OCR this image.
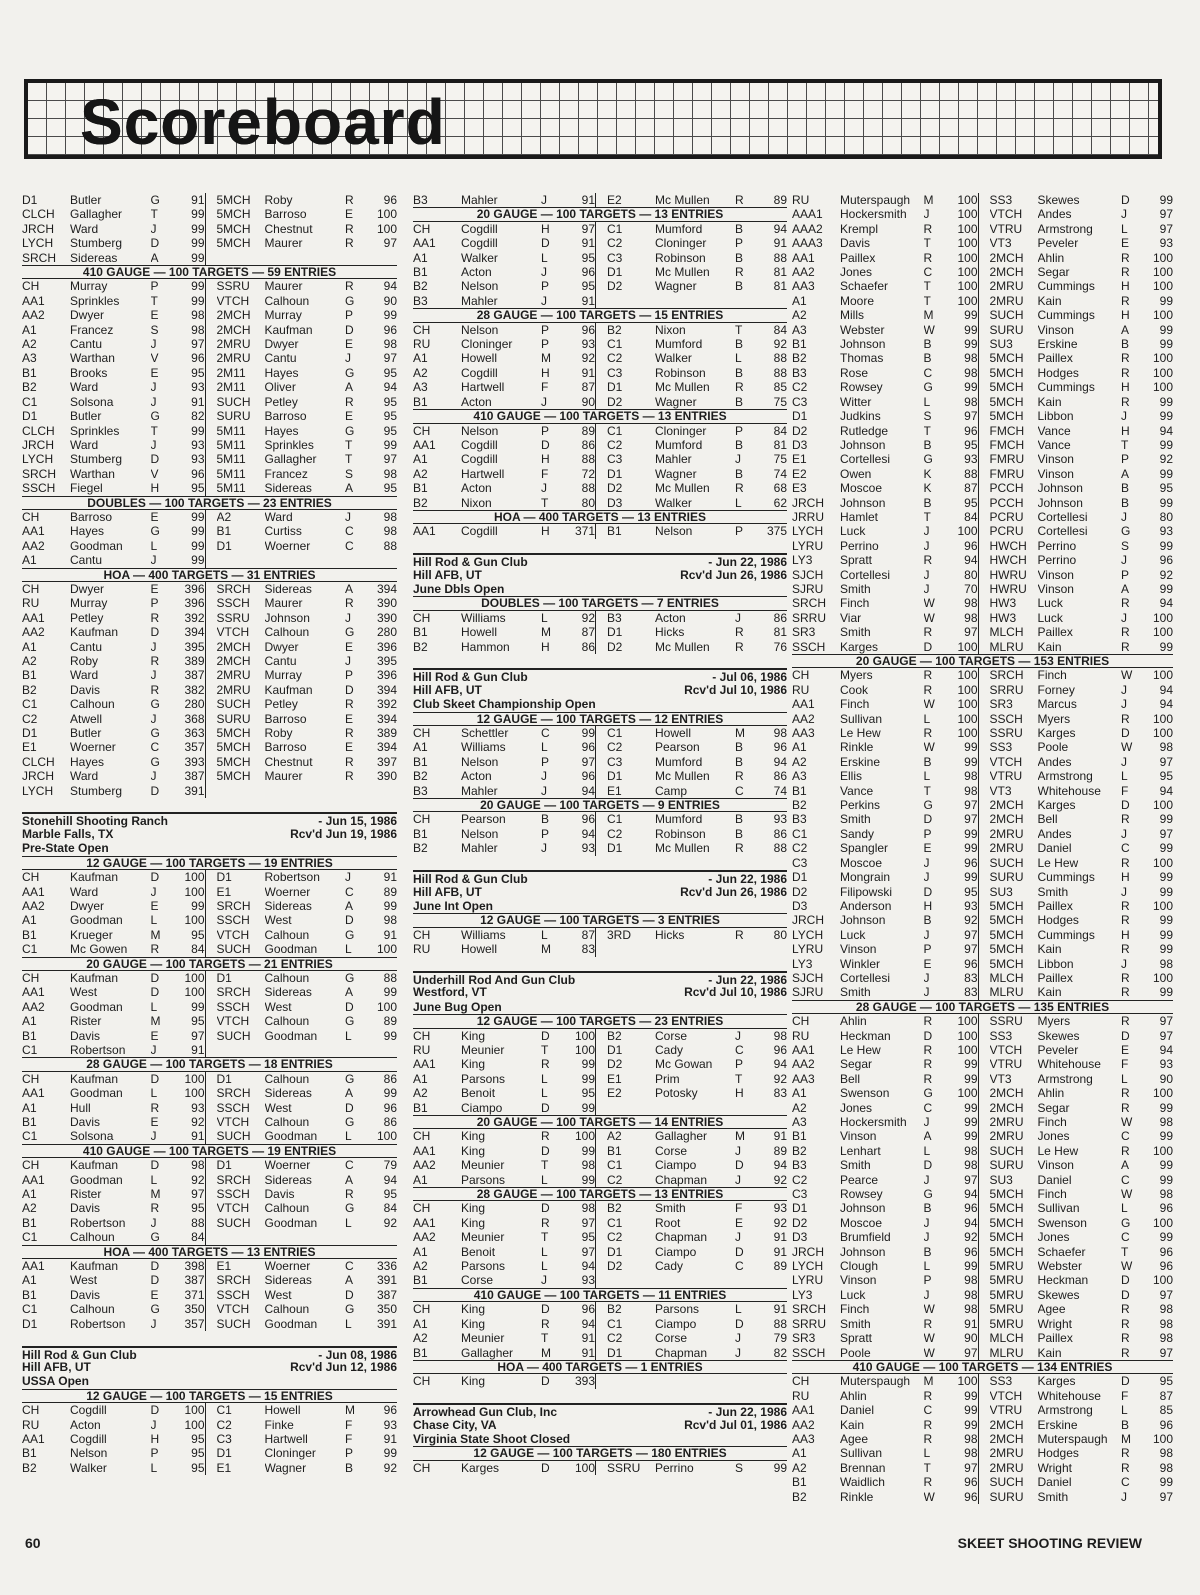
Scoreboard
D1	Butler	G	91 5MCH	Roby	R	96
CLCH	Gallagher	T	99 5MCH	Barroso	E	100
JRCH	Ward	J	99 5MCH	Chestnut	R	100
LYCH	Stumberg	D	99 5MCH	Maurer	R	97
SRCH	Sidereas	A	99
410 GAUGE — 100 TARGETS — 59 ENTRIES
CH	Murray	P	99 SSRU	Maurer	R	94
AA1	Sprinkles	T	99 VTCH	Calhoun	G	90
AA2	Dwyer	E	98 2MCH	Murray	P	99
A1	Francez	S	98 2MCH	Kaufman	D	96
A2	Cantu	J	97 2MRU	Dwyer	E	98
A3	Warthan	V	96 2MRU	Cantu	J	97
B1	Brooks	E	95 2M11	Hayes	G	95
B2	Ward	J	93 2M11	Oliver	A	94
C1	Solsona	J	91 SUCH	Petley	R	95
D1	Butler	G	82 SURU	Barroso	E	95
CLCH	Sprinkles	T	99 5M11	Hayes	G	95
JRCH	Ward	J	93 5M11	Sprinkles	T	99
LYCH	Stumberg	D	93 5M11	Gallagher	T	97
SRCH	Warthan	V	96 5M11	Francez	S	98
SSCH	Fiegel	H	95 5M11	Sidereas	A	95
DOUBLES — 100 TARGETS — 23 ENTRIES
CH	Barroso	E	99 A2	Ward	J	98
AA1	Hayes	G	99 B1	Curtiss	C	98
AA2	Goodman	L	99 D1	Woerner	C	88
A1	Cantu	J	99
HOA — 400 TARGETS — 31 ENTRIES
CH	Dwyer	E	396 SRCH	Sidereas	A	394
RU	Murray	P	396 SSCH	Maurer	R	390
AA1	Petley	R	392 SSRU	Johnson	J	390
AA2	Kaufman	D	394 VTCH	Calhoun	G	280
A1	Cantu	J	395 2MCH	Dwyer	E	396
A2	Roby	R	389 2MCH	Cantu	J	395
B1	Ward	J	387 2MRU	Murray	P	396
B2	Davis	R	382 2MRU	Kaufman	D	394
C1	Calhoun	G	280 SUCH	Petley	R	392
C2	Atwell	J	368 SURU	Barroso	E	394
D1	Butler	G	363 5MCH	Roby	R	389
E1	Woerner	C	357 5MCH	Barroso	E	394
CLCH	Hayes	G	393 5MCH	Chestnut	R	397
JRCH	Ward	J	387 5MCH	Maurer	R	390
LYCH	Stumberg	D	391
Stonehill Shooting Ranch	- Jun 15, 1986
Marble Falls, TX	Rcv'd Jun 19, 1986
Pre-State Open
12 GAUGE — 100 TARGETS — 19 ENTRIES
CH	Kaufman	D	100 D1	Robertson	J	91
AA1	Ward	J	100 E1	Woerner	C	89
AA2	Dwyer	E	99 SRCH	Sidereas	A	99
A1	Goodman	L	100 SSCH	West	D	98
B1	Krueger	M	95 VTCH	Calhoun	G	91
C1	Mc Gowen	R	84 SUCH	Goodman	L	100
20 GAUGE — 100 TARGETS — 21 ENTRIES
CH	Kaufman	D	100 D1	Calhoun	G	88
AA1	West	D	100 SRCH	Sidereas	A	99
AA2	Goodman	L	99 SSCH	West	D	100
A1	Rister	M	95 VTCH	Calhoun	G	89
B1	Davis	E	97 SUCH	Goodman	L	99
C1	Robertson	J	91
28 GAUGE — 100 TARGETS — 18 ENTRIES
CH	Kaufman	D	100 D1	Calhoun	G	86
AA1	Goodman	L	100 SRCH	Sidereas	A	99
A1	Hull	R	93 SSCH	West	D	96
B1	Davis	E	92 VTCH	Calhoun	G	86
C1	Solsona	J	91 SUCH	Goodman	L	100
410 GAUGE — 100 TARGETS — 19 ENTRIES
CH	Kaufman	D	98 D1	Woerner	C	79
AA1	Goodman	L	92 SRCH	Sidereas	A	94
A1	Rister	M	97 SSCH	Davis	R	95
A2	Davis	R	95 VTCH	Calhoun	G	84
B1	Robertson	J	88 SUCH	Goodman	L	92
C1	Calhoun	G	84
HOA — 400 TARGETS — 13 ENTRIES
AA1	Kaufman	D	398 E1	Woerner	C	336
A1	West	D	387 SRCH	Sidereas	A	391
B1	Davis	E	371 SSCH	West	D	387
C1	Calhoun	G	350 VTCH	Calhoun	G	350
D1	Robertson	J	357 SUCH	Goodman	L	391
Hill Rod & Gun Club	- Jun 08, 1986
Hill AFB, UT	Rcv'd Jun 12, 1986
USSA Open
12 GAUGE — 100 TARGETS — 15 ENTRIES
CH	Cogdill	D	100 C1	Howell	M	96
RU	Acton	J	100 C2	Finke	F	93
AA1	Cogdill	H	95 C3	Hartwell	F	91
B1	Nelson	P	95 D1	Cloninger	P	99
B2	Walker	L	95 E1	Wagner	B	92
B3	Mahler	J	91 E2	Mc Mullen	R	89
20 GAUGE — 100 TARGETS — 13 ENTRIES
CH	Cogdill	H	97 C1	Mumford	B	94
AA1	Cogdill	D	91 C2	Cloninger	P	91
A1	Walker	L	95 C3	Robinson	B	88
B1	Acton	J	96 D1	Mc Mullen	R	81
B2	Nelson	P	95 D2	Wagner	B	81
B3	Mahler	J	91
28 GAUGE — 100 TARGETS — 15 ENTRIES
CH	Nelson	P	96 B2	Nixon	T	84
RU	Cloninger	P	93 C1	Mumford	B	92
A1	Howell	M	92 C2	Walker	L	88
A2	Cogdill	H	91 C3	Robinson	B	88
A3	Hartwell	F	87 D1	Mc Mullen	R	85
B1	Acton	J	90 D2	Wagner	B	75
410 GAUGE — 100 TARGETS — 13 ENTRIES
CH	Nelson	P	89 C1	Cloninger	P	84
AA1	Cogdill	D	86 C2	Mumford	B	81
A1	Cogdill	H	88 C3	Mahler	J	75
A2	Hartwell	F	72 D1	Wagner	B	74
B1	Acton	J	88 D2	Mc Mullen	R	68
B2	Nixon	T	80 D3	Walker	L	62
HOA — 400 TARGETS — 13 ENTRIES
AA1	Cogdill	H	371 B1	Nelson	P	375
Hill Rod & Gun Club	- Jun 22, 1986
Hill AFB, UT	Rcv'd Jun 26, 1986
June Dbls Open
DOUBLES — 100 TARGETS — 7 ENTRIES
CH	Williams	L	92 B3	Acton	J	86
B1	Howell	M	87 D1	Hicks	R	81
B2	Hammon	H	86 D2	Mc Mullen	R	76
Hill Rod & Gun Club	- Jul 06, 1986
Hill AFB, UT	Rcv'd Jul 10, 1986
Club Skeet Championship Open
12 GAUGE — 100 TARGETS — 12 ENTRIES
CH	Schettler	C	99 C1	Howell	M	98
A1	Williams	L	96 C2	Pearson	B	96
B1	Nelson	P	97 C3	Mumford	B	94
B2	Acton	J	96 D1	Mc Mullen	R	86
B3	Mahler	J	94 E1	Camp	C	74
20 GAUGE — 100 TARGETS — 9 ENTRIES
CH	Pearson	B	96 C1	Mumford	B	93
B1	Nelson	P	94 C2	Robinson	B	86
B2	Mahler	J	93 D1	Mc Mullen	R	88
Hill Rod & Gun Club	- Jun 22, 1986
Hill AFB, UT	Rcv'd Jun 26, 1986
June Int Open
12 GAUGE — 100 TARGETS — 3 ENTRIES
CH	Williams	L	87 3RD	Hicks	R	80
RU	Howell	M	83
Underhill Rod And Gun Club	- Jun 22, 1986
Westford, VT	Rcv'd Jul 10, 1986
June Bug Open
12 GAUGE — 100 TARGETS — 23 ENTRIES
CH	King	D	100 B2	Corse	J	98
RU	Meunier	T	100 D1	Cady	C	96
AA1	King	R	99 D2	Mc Gowan	P	94
A1	Parsons	L	99 E1	Prim	T	92
A2	Benoit	L	95 E2	Potosky	H	83
B1	Ciampo	D	99
20 GAUGE — 100 TARGETS — 14 ENTRIES
CH	King	R	100 A2	Gallagher	M	91
AA1	King	D	99 B1	Corse	J	89
AA2	Meunier	T	98 C1	Ciampo	D	94
A1	Parsons	L	99 C2	Chapman	J	92
28 GAUGE — 100 TARGETS — 13 ENTRIES
CH	King	D	98 B2	Smith	F	93
AA1	King	R	97 C1	Root	E	92
AA2	Meunier	T	95 C2	Chapman	J	91
A1	Benoit	L	97 D1	Ciampo	D	91
A2	Parsons	L	94 D2	Cady	C	89
B1	Corse	J	93
410 GAUGE — 100 TARGETS — 11 ENTRIES
CH	King	D	96 B2	Parsons	L	91
A1	King	R	94 C1	Ciampo	D	88
A2	Meunier	T	91 C2	Corse	J	79
B1	Gallagher	M	91 D1	Chapman	J	82
HOA — 400 TARGETS — 1 ENTRIES
CH	King	D	393
Arrowhead Gun Club, Inc	- Jun 22, 1986
Chase City, VA	Rcv'd Jul 01, 1986
Virginia State Shoot Closed
12 GAUGE — 100 TARGETS — 180 ENTRIES
CH	Karges	D	100 SSRU	Perrino	S	99
RU	Muterspaugh	M	100 SS3	Skewes	D	99
AAA1	Hockersmith	J	100 VTCH	Andes	J	97
AAA2	Krempl	R	100 VTRU	Armstrong	L	97
AAA3	Davis	T	100 VT3	Peveler	E	93
AA1	Paillex	R	100 2MCH	Ahlin	R	100
AA2	Jones	C	100 2MCH	Segar	R	100
AA3	Schaefer	T	100 2MRU	Cummings	H	100
A1	Moore	T	100 2MRU	Kain	R	99
A2	Mills	M	99 SUCH	Cummings	H	100
A3	Webster	W	99 SURU	Vinson	A	99
B1	Johnson	B	99 SU3	Erskine	B	99
B2	Thomas	B	98 5MCH	Paillex	R	100
B3	Rose	C	98 5MCH	Hodges	R	100
C2	Rowsey	G	99 5MCH	Cummings	H	100
C3	Witter	L	98 5MCH	Kain	R	99
D1	Judkins	S	97 5MCH	Libbon	J	99
D2	Rutledge	T	96 FMCH	Vance	H	94
D3	Johnson	B	95 FMCH	Vance	T	99
E1	Cortellesi	G	93 FMRU	Vinson	P	92
E2	Owen	K	88 FMRU	Vinson	A	99
E3	Moscoe	K	87 PCCH	Johnson	B	95
JRCH	Johnson	B	95 PCCH	Johnson	B	99
JRRU	Hamlet	T	84 PCRU	Cortellesi	J	80
LYCH	Luck	J	100 PCRU	Cortellesi	G	93
LYRU	Perrino	J	96 HWCH Perrino	S	99
LY3	Spratt	R	94 HWCH Perrino	J	96
SJCH	Cortellesi	J	80 HWRU Vinson	P	92
SJRU	Smith	J	70 HWRU Vinson	A	99
SRCH	Finch	W	98 HW3	Luck	R	94
SRRU	Viar	W	98 HW3	Luck	J	100
SR3	Smith	R	97 MLCH	Paillex	R	100
SSCH	Karges	D	100 MLRU	Kain	R	99
20 GAUGE — 100 TARGETS — 153 ENTRIES
CH	Myers	R	100 SRCH	Finch	W	100
RU	Cook	R	100 SRRU	Forney	J	94
AA1	Finch	W	100 SR3	Marcus	J	94
AA2	Sullivan	L	100 SSCH	Myers	R	100
AA3	Le Hew	R	100 SSRU	Karges	D	100
A1	Rinkle	W	99 SS3	Poole	W	98
A2	Erskine	B	99 VTCH	Andes	J	97
A3	Ellis	L	98 VTRU	Armstrong	L	95
B1	Vance	T	98 VT3	Whitehouse	F	94
B2	Perkins	G	97 2MCH	Karges	D	100
B3	Smith	D	97 2MCH	Bell	R	99
C1	Sandy	P	99 2MRU	Andes	J	97
C2	Spangler	E	99 2MRU	Daniel	C	99
C3	Moscoe	J	96 SUCH	Le Hew	R	100
D1	Mongrain	J	99 SURU	Cummings	H	99
D2	Filipowski	D	95 SU3	Smith	J	99
D3	Anderson	H	93 5MCH	Paillex	R	100
JRCH	Johnson	B	92 5MCH	Hodges	R	99
LYCH	Luck	J	97 5MCH	Cummings	H	99
LYRU	Vinson	P	97 5MCH	Kain	R	99
LY3	Winkler	E	96 5MCH	Libbon	J	98
SJCH	Cortellesi	J	83 MLCH	Paillex	R	100
SJRU	Smith	J	83 MLRU	Kain	R	99
28 GAUGE — 100 TARGETS — 135 ENTRIES
CH	Ahlin	R	100 SSRU	Myers	R	97
RU	Heckman	D	100 SS3	Skewes	D	97
AA1	Le Hew	R	100 VTCH	Peveler	E	94
AA2	Segar	R	99 VTRU	Whitehouse	F	93
AA3	Bell	R	99 VT3	Armstrong	L	90
A1	Swenson	G	100 2MCH	Ahlin	R	100
A2	Jones	C	99 2MCH	Segar	R	99
A3	Hockersmith	J	99 2MRU	Finch	W	98
B1	Vinson	A	99 2MRU	Jones	C	99
B2	Lenhart	L	98 SUCH	Le Hew	R	100
B3	Smith	D	98 SURU	Vinson	A	99
C2	Pearce	J	97 SU3	Daniel	C	99
C3	Rowsey	G	94 5MCH	Finch	W	98
D1	Johnson	B	96 5MCH	Sullivan	L	96
D2	Moscoe	J	94 5MCH	Swenson	G	100
D3	Brumfield	J	92 5MCH	Jones	C	99
JRCH	Johnson	B	96 5MCH	Schaefer	T	96
LYCH	Clough	L	99 5MRU	Webster	W	96
LYRU	Vinson	P	98 5MRU	Heckman	D	100
LY3	Luck	J	98 5MRU	Skewes	D	97
SRCH	Finch	W	98 5MRU	Agee	R	98
SRRU	Smith	R	91 5MRU	Wright	R	98
SR3	Spratt	W	90 MLCH	Paillex	R	98
SSCH	Poole	W	97 MLRU	Kain	R	97
410 GAUGE — 100 TARGETS — 134 ENTRIES
CH	Muterspaugh	M	100 SS3	Karges	D	95
RU	Ahlin	R	99 VTCH	Whitehouse	F	87
AA1	Daniel	C	99 VTRU	Armstrong	L	85
AA2	Kain	R	99 2MCH	Erskine	B	96
AA3	Agee	R	98 2MCH	Muterspaugh	M	100
A1	Sullivan	L	98 2MRU	Hodges	R	98
A2	Brennan	T	97 2MRU	Wright	R	98
B1	Waidlich	R	96 SUCH	Daniel	C	99
B2	Rinkle	W	96 SURU	Smith	J	97
60	SKEET SHOOTING REVIEW
